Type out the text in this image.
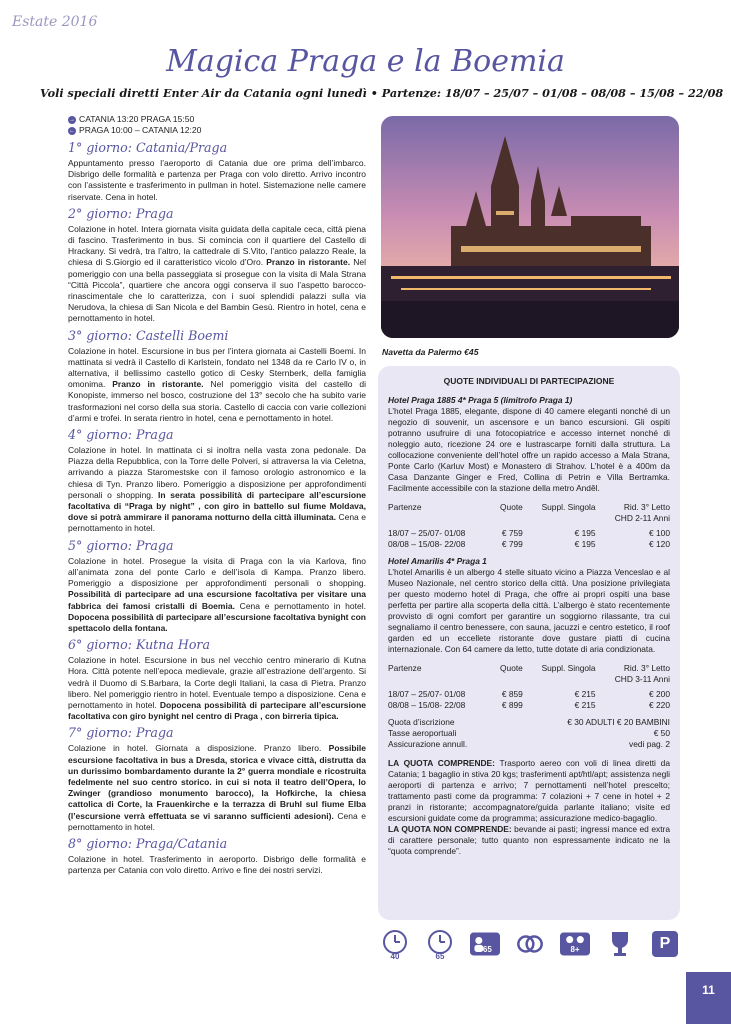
Estate 2016
Magica Praga e la Boemia
Voli speciali diretti Enter Air da Catania ogni lunedì • Partenze: 18/07 – 25/07 – 01/08 – 08/08 – 15/08 – 22/08
→ CATANIA 13:20 PRAGA 15:50
← PRAGA 10:00 – CATANIA 12:20
1° giorno: Catania/Praga

Appuntamento presso l’aeroporto di Catania due ore prima dell’imbarco. Disbrigo delle formalità e partenza per Praga con volo diretto. Arrivo incontro con l’assistente e trasferimento in pullman in hotel. Sistemazione nelle camere riservate. Cena in hotel.

2° giorno: Praga

Colazione in hotel. Intera giornata visita guidata della capitale ceca, città piena di fascino. Trasferimento in bus. Si comincia con il quartiere del Castello di Hrackany. Si vedrà, tra l’altro, la cattedrale di S.Vito, l’antico palazzo Reale, la chiesa di S.Giorgio ed il caratteristico vicolo d’Oro. Pranzo in ristorante. Nel pomeriggio con una bella passeggiata si prosegue con la visita di Mala Strana “Città Piccola”, quartiere che ancora oggi conserva il suo l’aspetto barocco-rinascimentale che lo caratterizza, con i suoi splendidi palazzi sulla via Nerudova, la chiesa di San Nicola e del Bambin Gesù. Rientro in hotel, cena e pernottamento in hotel.

3° giorno: Castelli Boemi

Colazione in hotel. Escursione in bus per l’intera giornata ai Castelli Boemi. In mattinata si vedrà il Castello di Karlstein, fondato nel 1348 da re Carlo IV o, in alternativa, il bellissimo castello gotico di Cesky Sternberk, della famiglia omonima. Pranzo in ristorante. Nel pomeriggio visita del castello di Konopiste, immerso nel bosco, costruzione del 13° secolo che ha subito varie trasformazioni nel corso della sua storia. Castello di caccia con varie collezioni d’armi e trofei. In serata rientro in hotel, cena e pernottamento in hotel.

4° giorno: Praga

Colazione in hotel. In mattinata ci si inoltra nella vasta zona pedonale. Da Piazza della Repubblica, con la Torre delle Polveri, si attraversa la via Celetna, arrivando a piazza Staromestske con il famoso orologio astronomico e la chiesa di Tyn. Pranzo libero. Pomeriggio a disposizione per approfondimenti personali o shopping. In serata possibilità di partecipare all’escursione facoltativa di “Praga by night” , con giro in battello sul fiume Moldava, dove si potrà ammirare il panorama notturno della città illuminata. Cena e pernottamento in hotel.

5° giorno: Praga

Colazione in hotel. Prosegue la visita di Praga con la via Karlova, fino all’animata zona del ponte Carlo e dell’isola di Kampa. Pranzo libero. Pomeriggio a disposizione per approfondimenti personali o shopping. Possibilità di partecipare ad una escursione facoltativa per visitare una fabbrica dei famosi cristalli di Boemia. Cena e pernottamento in hotel. Dopocena possibilità di partecipare all’escursione facoltativa bynight con spettacolo della fontana.

6° giorno: Kutna Hora

Colazione in hotel. Escursione in bus nel vecchio centro minerario di Kutna Hora. Città potente nell’epoca medievale, grazie all’estrazione dell’argento. Si vedrà il Duomo di S.Barbara, la Corte degli Italiani, la casa di Pietra. Pranzo libero. Nel pomeriggio rientro in hotel. Eventuale tempo a disposizione. Cena e pernottamento in hotel. Dopocena possibilità di partecipare all’escursione facoltativa con giro bynight nel centro di Praga , con birreria tipica.

7° giorno: Praga

Colazione in hotel. Giornata a disposizione. Pranzo libero. Possibile escursione facoltativa in bus a Dresda, storica e vivace città, distrutta da un durissimo bombardamento durante la 2° guerra mondiale e ricostruita fedelmente nel suo centro storico. in cui si nota il teatro dell’Opera, lo Zwinger (grandioso monumento barocco), la Hofkirche, la chiesa cattolica di Corte, la Frauenkirche e la terrazza di Bruhl sul fiume Elba (l’escursione verrà effettuata se vi saranno sufficienti adesioni). Cena e pernottamento in hotel.

8° giorno: Praga/Catania

Colazione in hotel. Trasferimento in aeroporto. Disbrigo delle formalità e partenza per Catania con volo diretto. Arrivo e fine dei nostri servizi.

Navetta da Palermo €45

QUOTE INDIVIDUALI DI PARTECIPAZIONE

Hotel Praga 1885 4* Praga 5 (limitrofo Praga 1)

L’hotel Praga 1885, elegante, dispone di 40 camere eleganti nonché di un negozio di souvenir, un ascensore e un banco escursioni. Gli ospiti potranno usufruire di una fotocopiatrice e accesso internet nonché di noleggio auto, ricezione 24 ore e lustrascarpe forniti dalla struttura. La collocazione conveniente dell’hotel offre un rapido accesso a Mala Strana, Ponte Carlo (Karluv Most) e Monastero di Strahov. L’hotel è a 400m da Casa Danzante Ginger e Fred, Collina di Petrin e Villa Bertramka. Facilmente accessibile con la stazione della metro Anděl.

Partenze	Quote	Suppl. Singola	Rid. 3° Letto
			CHD 2-11 Anni

18/07 – 25/07- 01/08	€ 759	€ 195	€ 100
08/08 – 15/08- 22/08	€ 799	€ 195	€ 120

Hotel Amarilis 4* Praga 1

L’hotel Amarilis è un albergo 4 stelle situato vicino a Piazza Venceslao e al Museo Nazionale, nel centro storico della città. Una posizione privilegiata per questo moderno hotel di Praga, che offre ai propri ospiti una base perfetta per partire alla scoperta della città. L’albergo è stato recentemente provvisto di ogni comfort per garantire un soggiorno rilassante, tra cui segnaliamo il centro benessere, con sauna, jacuzzi e centro estetico, il roof garden ed un eccellete ristorante dove gustare piatti di cucina internazionale. Con 64 camere da letto, tutte dotate di aria condizionata.

Partenze	Quote	Suppl. Singola	Rid. 3° Letto
			CHD 3-11 Anni

18/07 – 25/07- 01/08	€ 859	€ 215	€ 200
08/08 – 15/08- 22/08	€ 899	€ 215	€ 220
Quota d’iscrizione	€ 30 ADULTI € 20 BAMBINI
Tasse aeroportuali	€ 50
Assicurazione annull.	vedi pag. 2

LA QUOTA COMPRENDE: Trasporto aereo con voli di linea diretti da Catania; 1 bagaglio in stiva 20 kgs; trasferimenti apt/htl/apt; assistenza negli aeroporti di partenza e arrivo; 7 pernottamenti nell’hotel prescelto; trattamento pasti come da programma: 7 colazioni + 7 cene in hotel + 2 pranzi in ristorante; accompagnatore/guida parlante italiano; visite ed escursioni guidate come da programma; assicurazione medico-bagaglio.
LA QUOTA NON COMPRENDE: bevande ai pasti; ingressi mance ed extra di carattere personale; tutto quanto non espressamente indicato ne la “quota comprende”.

40	65
+65	8+	P
11
